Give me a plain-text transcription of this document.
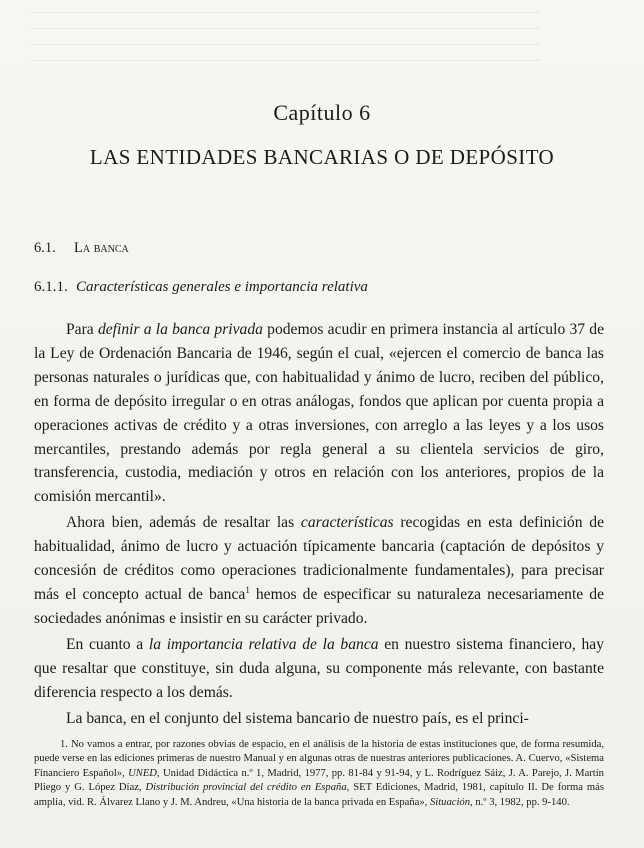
_________________________________________________________________________
_________________________________________________________________________
_________________________________________________________________________
_________________________________________________________________________
Capítulo 6
LAS ENTIDADES BANCARIAS O DE DEPÓSITO
6.1. La banca
6.1.1. Características generales e importancia relativa

Para definir a la banca privada podemos acudir en primera instancia al artículo 37 de la Ley de Ordenación Bancaria de 1946, según el cual, «ejercen el comercio de banca las personas naturales o jurídicas que, con habitualidad y ánimo de lucro, reciben del público, en forma de depósito irregular o en otras análogas, fondos que aplican por cuenta propia a operaciones activas de crédito y a otras inversiones, con arreglo a las leyes y a los usos mercantiles, prestando además por regla general a su clientela servicios de giro, transferencia, custodia, mediación y otros en relación con los anteriores, propios de la comisión mercantil».

Ahora bien, además de resaltar las características recogidas en esta definición de habitualidad, ánimo de lucro y actuación típicamente bancaria (captación de depósitos y concesión de créditos como operaciones tradicionalmente fundamentales), para precisar más el concepto actual de banca$^1$ hemos de especificar su naturaleza necesariamente de sociedades anónimas e insistir en su carácter privado.

En cuanto a la importancia relativa de la banca en nuestro sistema financiero, hay que resaltar que constituye, sin duda alguna, su componente más relevante, con bastante diferencia respecto a los demás.

La banca, en el conjunto del sistema bancario de nuestro país, es el princi-

1. No vamos a entrar, por razones obvias de espacio, en el análisis de la historia de estas instituciones que, de forma resumida, puede verse en las ediciones primeras de nuestro Manual y en algunas otras de nuestras anteriores publicaciones. A. Cuervo, «Sistema Financiero Español», UNED, Unidad Didáctica n.º 1, Madrid, 1977, pp. 81-84 y 91-94, y L. Rodríguez Sáiz, J. A. Parejo, J. Martín Pliego y G. López Díaz, Distribución provincial del crédito en España, SET Ediciones, Madrid, 1981, capítulo II. De forma más amplia, vid. R. Álvarez Llano y J. M. Andreu, «Una historia de la banca privada en España», Situación, n.º 3, 1982, pp. 9-140.
